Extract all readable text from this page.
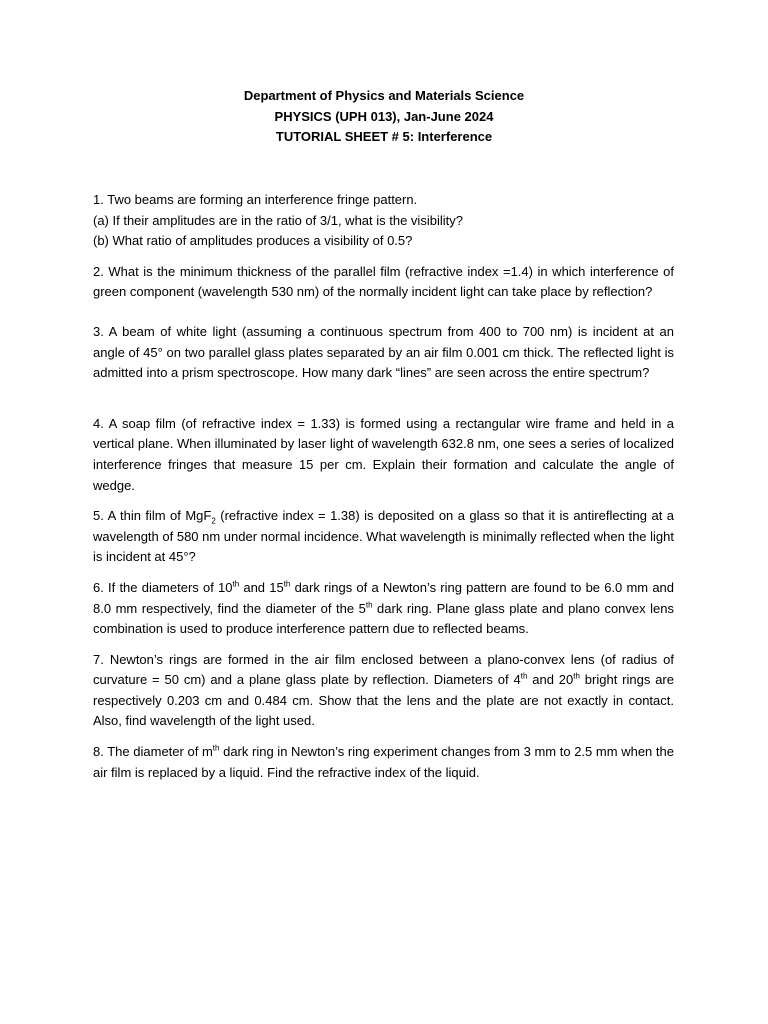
Department of Physics and Materials Science
PHYSICS (UPH 013), Jan-June 2024
TUTORIAL SHEET # 5: Interference
1. Two beams are forming an interference fringe pattern.
(a) If their amplitudes are in the ratio of 3/1, what is the visibility?
(b) What ratio of amplitudes produces a visibility of 0.5?

2. What is the minimum thickness of the parallel film (refractive index =1.4) in which interference of green component (wavelength 530 nm) of the normally incident light can take place by reflection?

3. A beam of white light (assuming a continuous spectrum from 400 to 700 nm) is incident at an angle of 45° on two parallel glass plates separated by an air film 0.001 cm thick. The reflected light is admitted into a prism spectroscope. How many dark “lines” are seen across the entire spectrum?

4. A soap film (of refractive index = 1.33) is formed using a rectangular wire frame and held in a vertical plane. When illuminated by laser light of wavelength 632.8 nm, one sees a series of localized interference fringes that measure 15 per cm. Explain their formation and calculate the angle of wedge.

5. A thin film of MgF$_2$ (refractive index = 1.38) is deposited on a glass so that it is antireflecting at a wavelength of 580 nm under normal incidence. What wavelength is minimally reflected when the light is incident at 45°?

6. If the diameters of 10th and 15th dark rings of a Newton’s ring pattern are found to be 6.0 mm and 8.0 mm respectively, find the diameter of the 5th dark ring. Plane glass plate and plano convex lens combination is used to produce interference pattern due to reflected beams.

7. Newton’s rings are formed in the air film enclosed between a plano-convex lens (of radius of curvature = 50 cm) and a plane glass plate by reflection. Diameters of 4th and 20th bright rings are respectively 0.203 cm and 0.484 cm. Show that the lens and the plate are not exactly in contact. Also, find wavelength of the light used.

8. The diameter of $m^{th}$ dark ring in Newton’s ring experiment changes from 3 mm to 2.5 mm when the air film is replaced by a liquid. Find the refractive index of the liquid.
